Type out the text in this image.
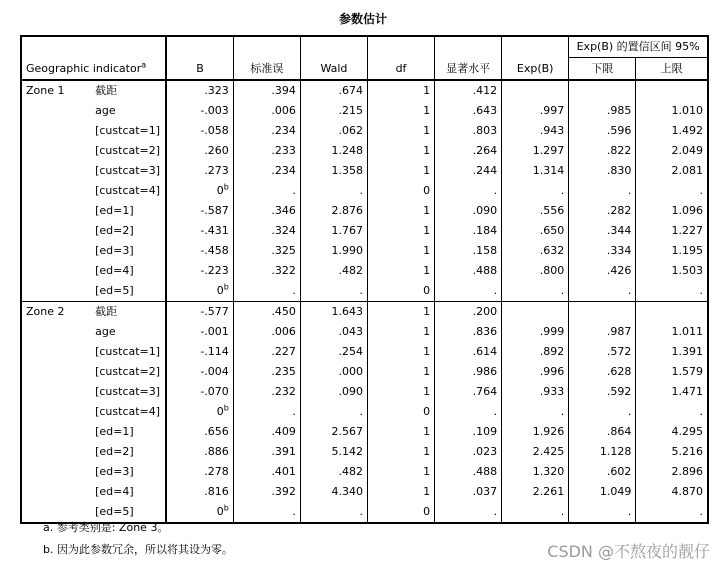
参数估计
Geographic indicator$^a$		B	标准误	Wald	df	显著水平	Exp(B)	Exp(B) 的置信区间 95%	
								下限	上限
Zone 1	截距	.323	.394	.674	1	.412			
	age	-.003	.006	.215	1	.643	.997	.985	1.010
	[custcat=1]	-.058	.234	.062	1	.803	.943	.596	1.492
	[custcat=2]	.260	.233	1.248	1	.264	1.297	.822	2.049
	[custcat=3]	.273	.234	1.358	1	.244	1.314	.830	2.081
	[custcat=4]	0$^b$	.	.	0	.	.	.	.
	[ed=1]	-.587	.346	2.876	1	.090	.556	.282	1.096
	[ed=2]	-.431	.324	1.767	1	.184	.650	.344	1.227
	[ed=3]	-.458	.325	1.990	1	.158	.632	.334	1.195
	[ed=4]	-.223	.322	.482	1	.488	.800	.426	1.503
	[ed=5]	0$^b$	.	.	0	.	.	.	.
Zone 2	截距	-.577	.450	1.643	1	.200			
	age	-.001	.006	.043	1	.836	.999	.987	1.011
	[custcat=1]	-.114	.227	.254	1	.614	.892	.572	1.391
	[custcat=2]	-.004	.235	.000	1	.986	.996	.628	1.579
	[custcat=3]	-.070	.232	.090	1	.764	.933	.592	1.471
	[custcat=4]	0$^b$	.	.	0	.	.	.	.
	[ed=1]	.656	.409	2.567	1	.109	1.926	.864	4.295
	[ed=2]	.886	.391	5.142	1	.023	2.425	1.128	5.216
	[ed=3]	.278	.401	.482	1	.488	1.320	.602	2.896
	[ed=4]	.816	.392	4.340	1	.037	2.261	1.049	4.870
	[ed=5]	0$^b$	.	.	0	.	.	.	.
a. 参考类别是: Zone 3。
b. 因为此参数冗余，所以将其设为零。	CSDN @不熬夜的靓仔
